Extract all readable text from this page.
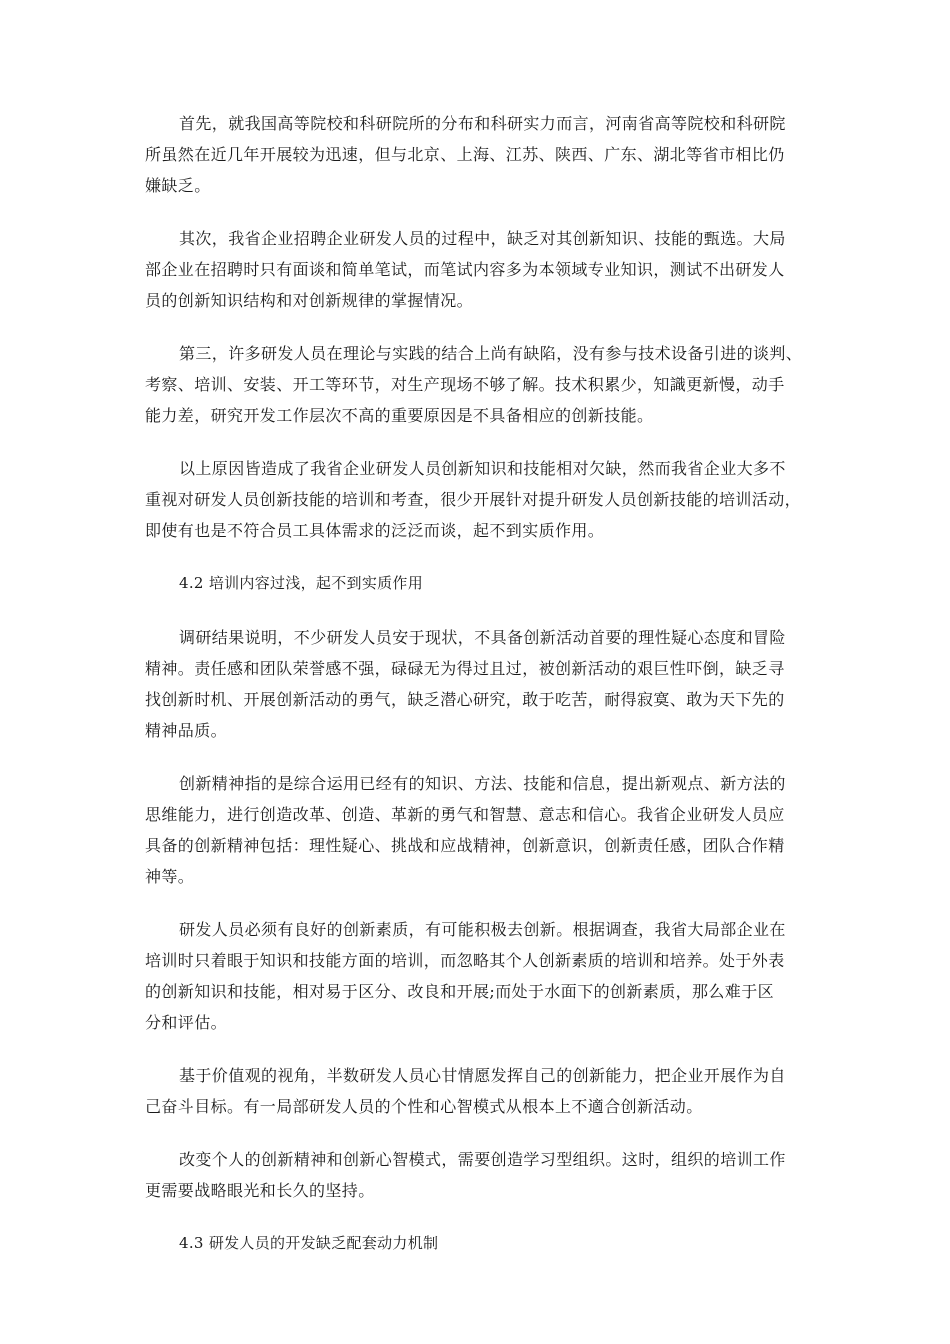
首先，就我国高等院校和科研院所的分布和科研实力而言，河南省高等院校和科研院
所虽然在近几年开展较为迅速，但与北京、上海、江苏、陕西、广东、湖北等省市相比仍
嫌缺乏。
其次，我省企业招聘企业研发人员的过程中，缺乏对其创新知识、技能的甄选。大局
部企业在招聘时只有面谈和简单笔试，而笔试内容多为本领域专业知识，测试不出研发人
员的创新知识结构和对创新规律的掌握情况。
第三，许多研发人员在理论与实践的结合上尚有缺陷，没有参与技术设备引进的谈判、
考察、培训、安装、开工等环节，对生产现场不够了解。技术积累少，知識更新慢，动手
能力差，研究开发工作层次不高的重要原因是不具备相应的创新技能。
以上原因皆造成了我省企业研发人员创新知识和技能相对欠缺，然而我省企业大多不
重视对研发人员创新技能的培训和考查，很少开展针对提升研发人员创新技能的培训活动，
即使有也是不符合员工具体需求的泛泛而谈，起不到实质作用。
4.2 培训内容过浅，起不到实质作用
调研结果说明，不少研发人员安于现状，不具备创新活动首要的理性疑心态度和冒险
精神。责任感和团队荣誉感不强，碌碌无为得过且过，被创新活动的艰巨性吓倒，缺乏寻
找创新时机、开展创新活动的勇气，缺乏潜心研究，敢于吃苦，耐得寂寞、敢为天下先的
精神品质。
创新精神指的是综合运用已经有的知识、方法、技能和信息，提出新观点、新方法的
思维能力，进行创造改革、创造、革新的勇气和智慧、意志和信心。我省企业研发人员应
具备的创新精神包括：理性疑心、挑战和应战精神，创新意识，创新责任感，团队合作精
神等。
研发人员必须有良好的创新素质，有可能积极去创新。根据调查，我省大局部企业在
培训时只着眼于知识和技能方面的培训，而忽略其个人创新素质的培训和培养。处于外表
的创新知识和技能，相对易于区分、改良和开展;而处于水面下的创新素质，那么难于区
分和评估。
基于价值观的视角，半数研发人员心甘情愿发挥自己的创新能力，把企业开展作为自
己奋斗目标。有一局部研发人员的个性和心智模式从根本上不適合创新活动。
改变个人的创新精神和创新心智模式，需要创造学习型组织。这时，组织的培训工作
更需要战略眼光和长久的坚持。
4.3 研发人员的开发缺乏配套动力机制
